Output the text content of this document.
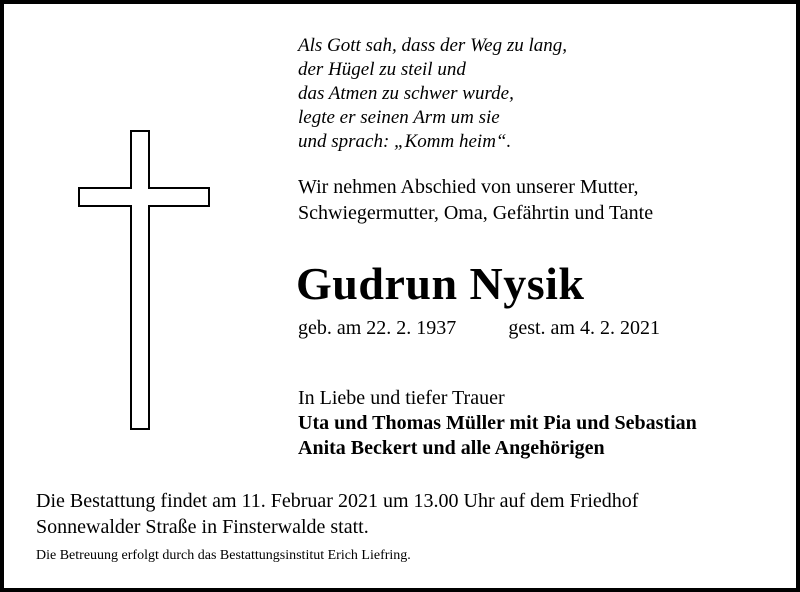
Als Gott sah, dass der Weg zu lang,
der Hügel zu steil und
das Atmen zu schwer wurde,
legte er seinen Arm um sie
und sprach: „Komm heim“.
Wir nehmen Abschied von unserer Mutter,
Schwiegermutter, Oma, Gefährtin und Tante
Gudrun Nysik
geb. am 22. 2. 1937	gest. am 4. 2. 2021
In Liebe und tiefer Trauer
Uta und Thomas Müller mit Pia und Sebastian
Anita Beckert und alle Angehörigen
Die Bestattung findet am 11. Februar 2021 um 13.00 Uhr auf dem Friedhof
Sonnewalder Straße in Finsterwalde statt.
Die Betreuung erfolgt durch das Bestattungsinstitut Erich Liefring.
